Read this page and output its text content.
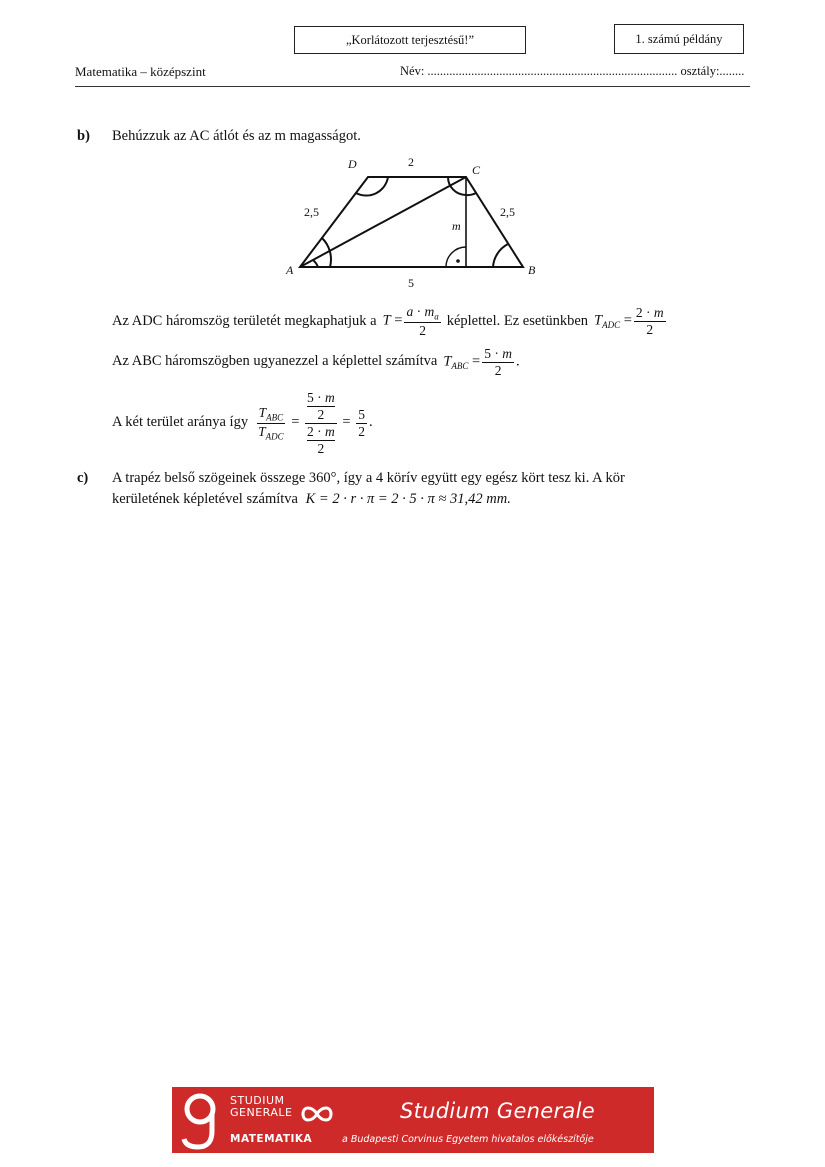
„Korlátozott terjesztésű!”	1. számú példány
Matematika – középszint	Név: ................................................................................ osztály:........
b) Behúzzuk az AC átlót és az m magasságot.
A	B
C
D
m
2
2,5	2,5
5
Az ADC háromszög területét megkaphatjuk a $T = \frac{a \cdot m_a}{2}$ képlettel. Ez esetünkben $T_{ADC} = \frac{2 \cdot m}{2}$
Az ABC háromszögben ugyanezzel a képlettel számítva $T_{ABC} = \frac{5 \cdot m}{2}$ .
A két terület aránya így $\frac{T_{ABC}}{T_{ADC}} = 5 \cdot m$
2
2 · m
$2 = \frac{5}{2}$ .
c) A trapéz belső szögeinek összege 360°, így a 4 körív együtt egy egész kört tesz ki. A kör
kerületének képletével számítva K = 2 · r · π = 2 · 5 · π ≈ 31,42 mm.
STUDIUM
GENERALE
MATEMATIKA
Studium Generale
a Budapesti Corvinus Egyetem hivatalos előkészítője
